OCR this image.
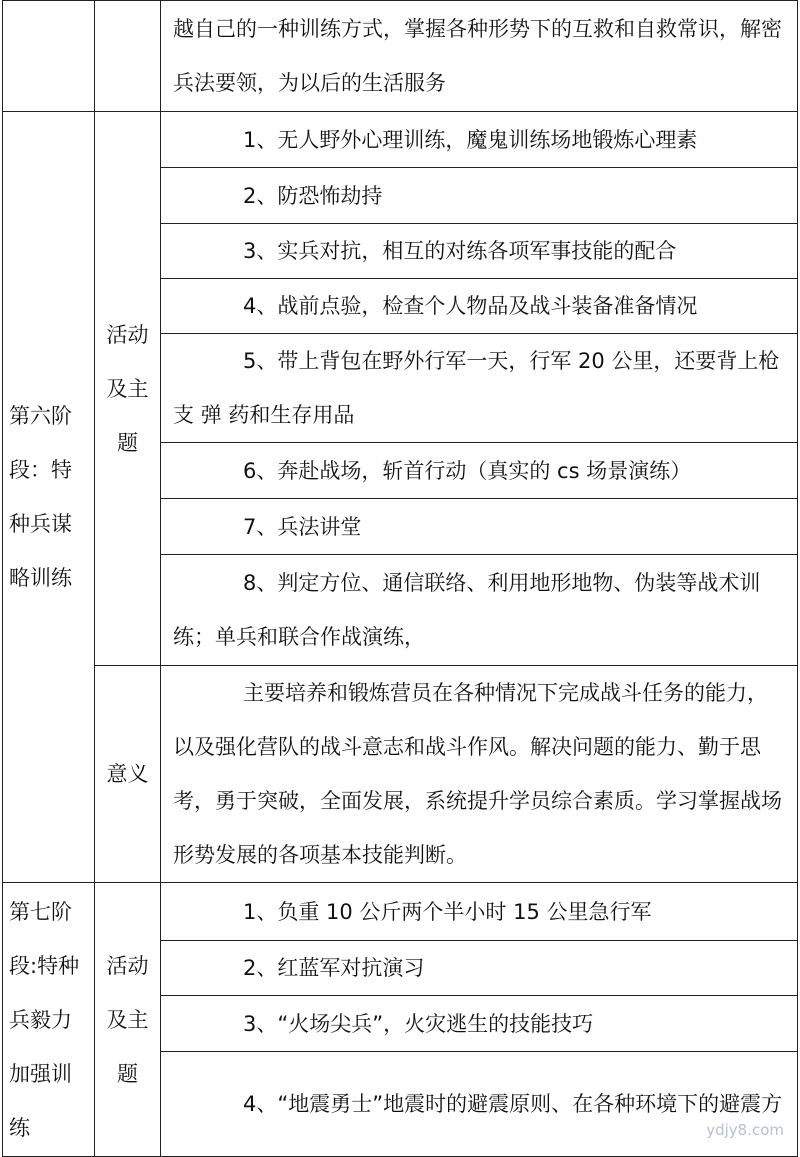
		越自己的一种训练方式，掌握各种形势下的互救和自救常识，解密兵法要领，为以后的生活服务
第六阶段：特种兵谋略训练	活动及主题	1、无人野外心理训练，魔鬼训练场地锻炼心理素
		2、防恐怖劫持
		3、实兵对抗，相互的对练各项军事技能的配合
		4、战前点验，检查个人物品及战斗装备准备情况
		5、带上背包在野外行军一天，行军 20 公里，还要背上枪支 弹 药和生存用品
		6、奔赴战场，斩首行动（真实的 cs 场景演练）
		7、兵法讲堂
		8、判定方位、通信联络、利用地形地物、伪装等战术训练；单兵和联合作战演练，
	意义	主要培养和锻炼营员在各种情况下完成战斗任务的能力，以及强化营队的战斗意志和战斗作风。解决问题的能力、勤于思考，勇于突破，全面发展，系统提升学员综合素质。学习掌握战场形势发展的各项基本技能判断。
第七阶段:特种兵毅力加强训练	活动及主题	1、负重 10 公斤两个半小时 15 公里急行军
		2、红蓝军对抗演习
		3、“火场尖兵”，火灾逃生的技能技巧
		4、“地震勇士”地震时的避震原则、在各种环境下的避震方
ydjy8.com
